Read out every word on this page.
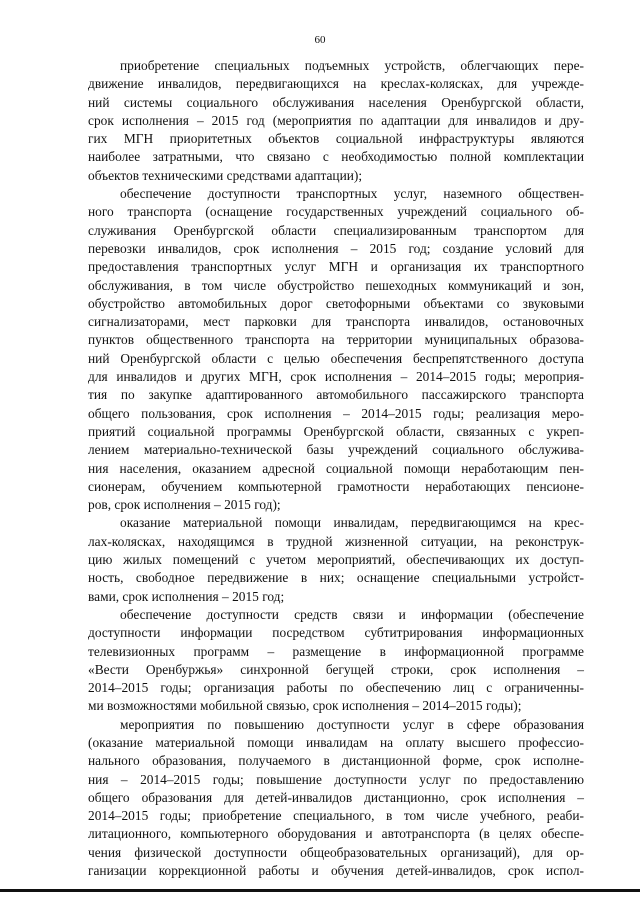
60
приобретение специальных подъемных устройств, облегчающих пере-
движение инвалидов, передвигающихся на креслах-колясках, для учрежде-
ний системы социального обслуживания населения Оренбургской области,
срок исполнения – 2015 год (мероприятия по адаптации для инвалидов и дру-
гих МГН приоритетных объектов социальной инфраструктуры являются
наиболее затратными, что связано с необходимостью полной комплектации
объектов техническими средствами адаптации);
обеспечение доступности транспортных услуг, наземного обществен-
ного транспорта (оснащение государственных учреждений социального об-
служивания Оренбургской области специализированным транспортом для
перевозки инвалидов, срок исполнения – 2015 год; создание условий для
предоставления транспортных услуг МГН и организация их транспортного
обслуживания, в том числе обустройство пешеходных коммуникаций и зон,
обустройство автомобильных дорог светофорными объектами со звуковыми
сигнализаторами, мест парковки для транспорта инвалидов, остановочных
пунктов общественного транспорта на территории муниципальных образова-
ний Оренбургской области с целью обеспечения беспрепятственного доступа
для инвалидов и других МГН, срок исполнения – 2014–2015 годы; мероприя-
тия по закупке адаптированного автомобильного пассажирского транспорта
общего пользования, срок исполнения – 2014–2015 годы; реализация меро-
приятий социальной программы Оренбургской области, связанных с укреп-
лением материально-технической базы учреждений социального обслужива-
ния населения, оказанием адресной социальной помощи неработающим пен-
сионерам, обучением компьютерной грамотности неработающих пенсионе-
ров, срок исполнения – 2015 год);
оказание материальной помощи инвалидам, передвигающимся на крес-
лах-колясках, находящимся в трудной жизненной ситуации, на реконструк-
цию жилых помещений с учетом мероприятий, обеспечивающих их доступ-
ность, свободное передвижение в них; оснащение специальными устройст-
вами, срок исполнения – 2015 год;
обеспечение доступности средств связи и информации (обеспечение
доступности информации посредством субтитрирования информационных
телевизионных программ – размещение в информационной программе
«Вести Оренбуржья» синхронной бегущей строки, срок исполнения –
2014–2015 годы; организация работы по обеспечению лиц с ограниченны-
ми возможностями мобильной связью, срок исполнения – 2014–2015 годы);
мероприятия по повышению доступности услуг в сфере образования
(оказание материальной помощи инвалидам на оплату высшего профессио-
нального образования, получаемого в дистанционной форме, срок исполне-
ния – 2014–2015 годы; повышение доступности услуг по предоставлению
общего образования для детей-инвалидов дистанционно, срок исполнения –
2014–2015 годы; приобретение специального, в том числе учебного, реаби-
литационного, компьютерного оборудования и автотранспорта (в целях обеспе-
чения физической доступности общеобразовательных организаций), для ор-
ганизации коррекционной работы и обучения детей-инвалидов, срок испол-
